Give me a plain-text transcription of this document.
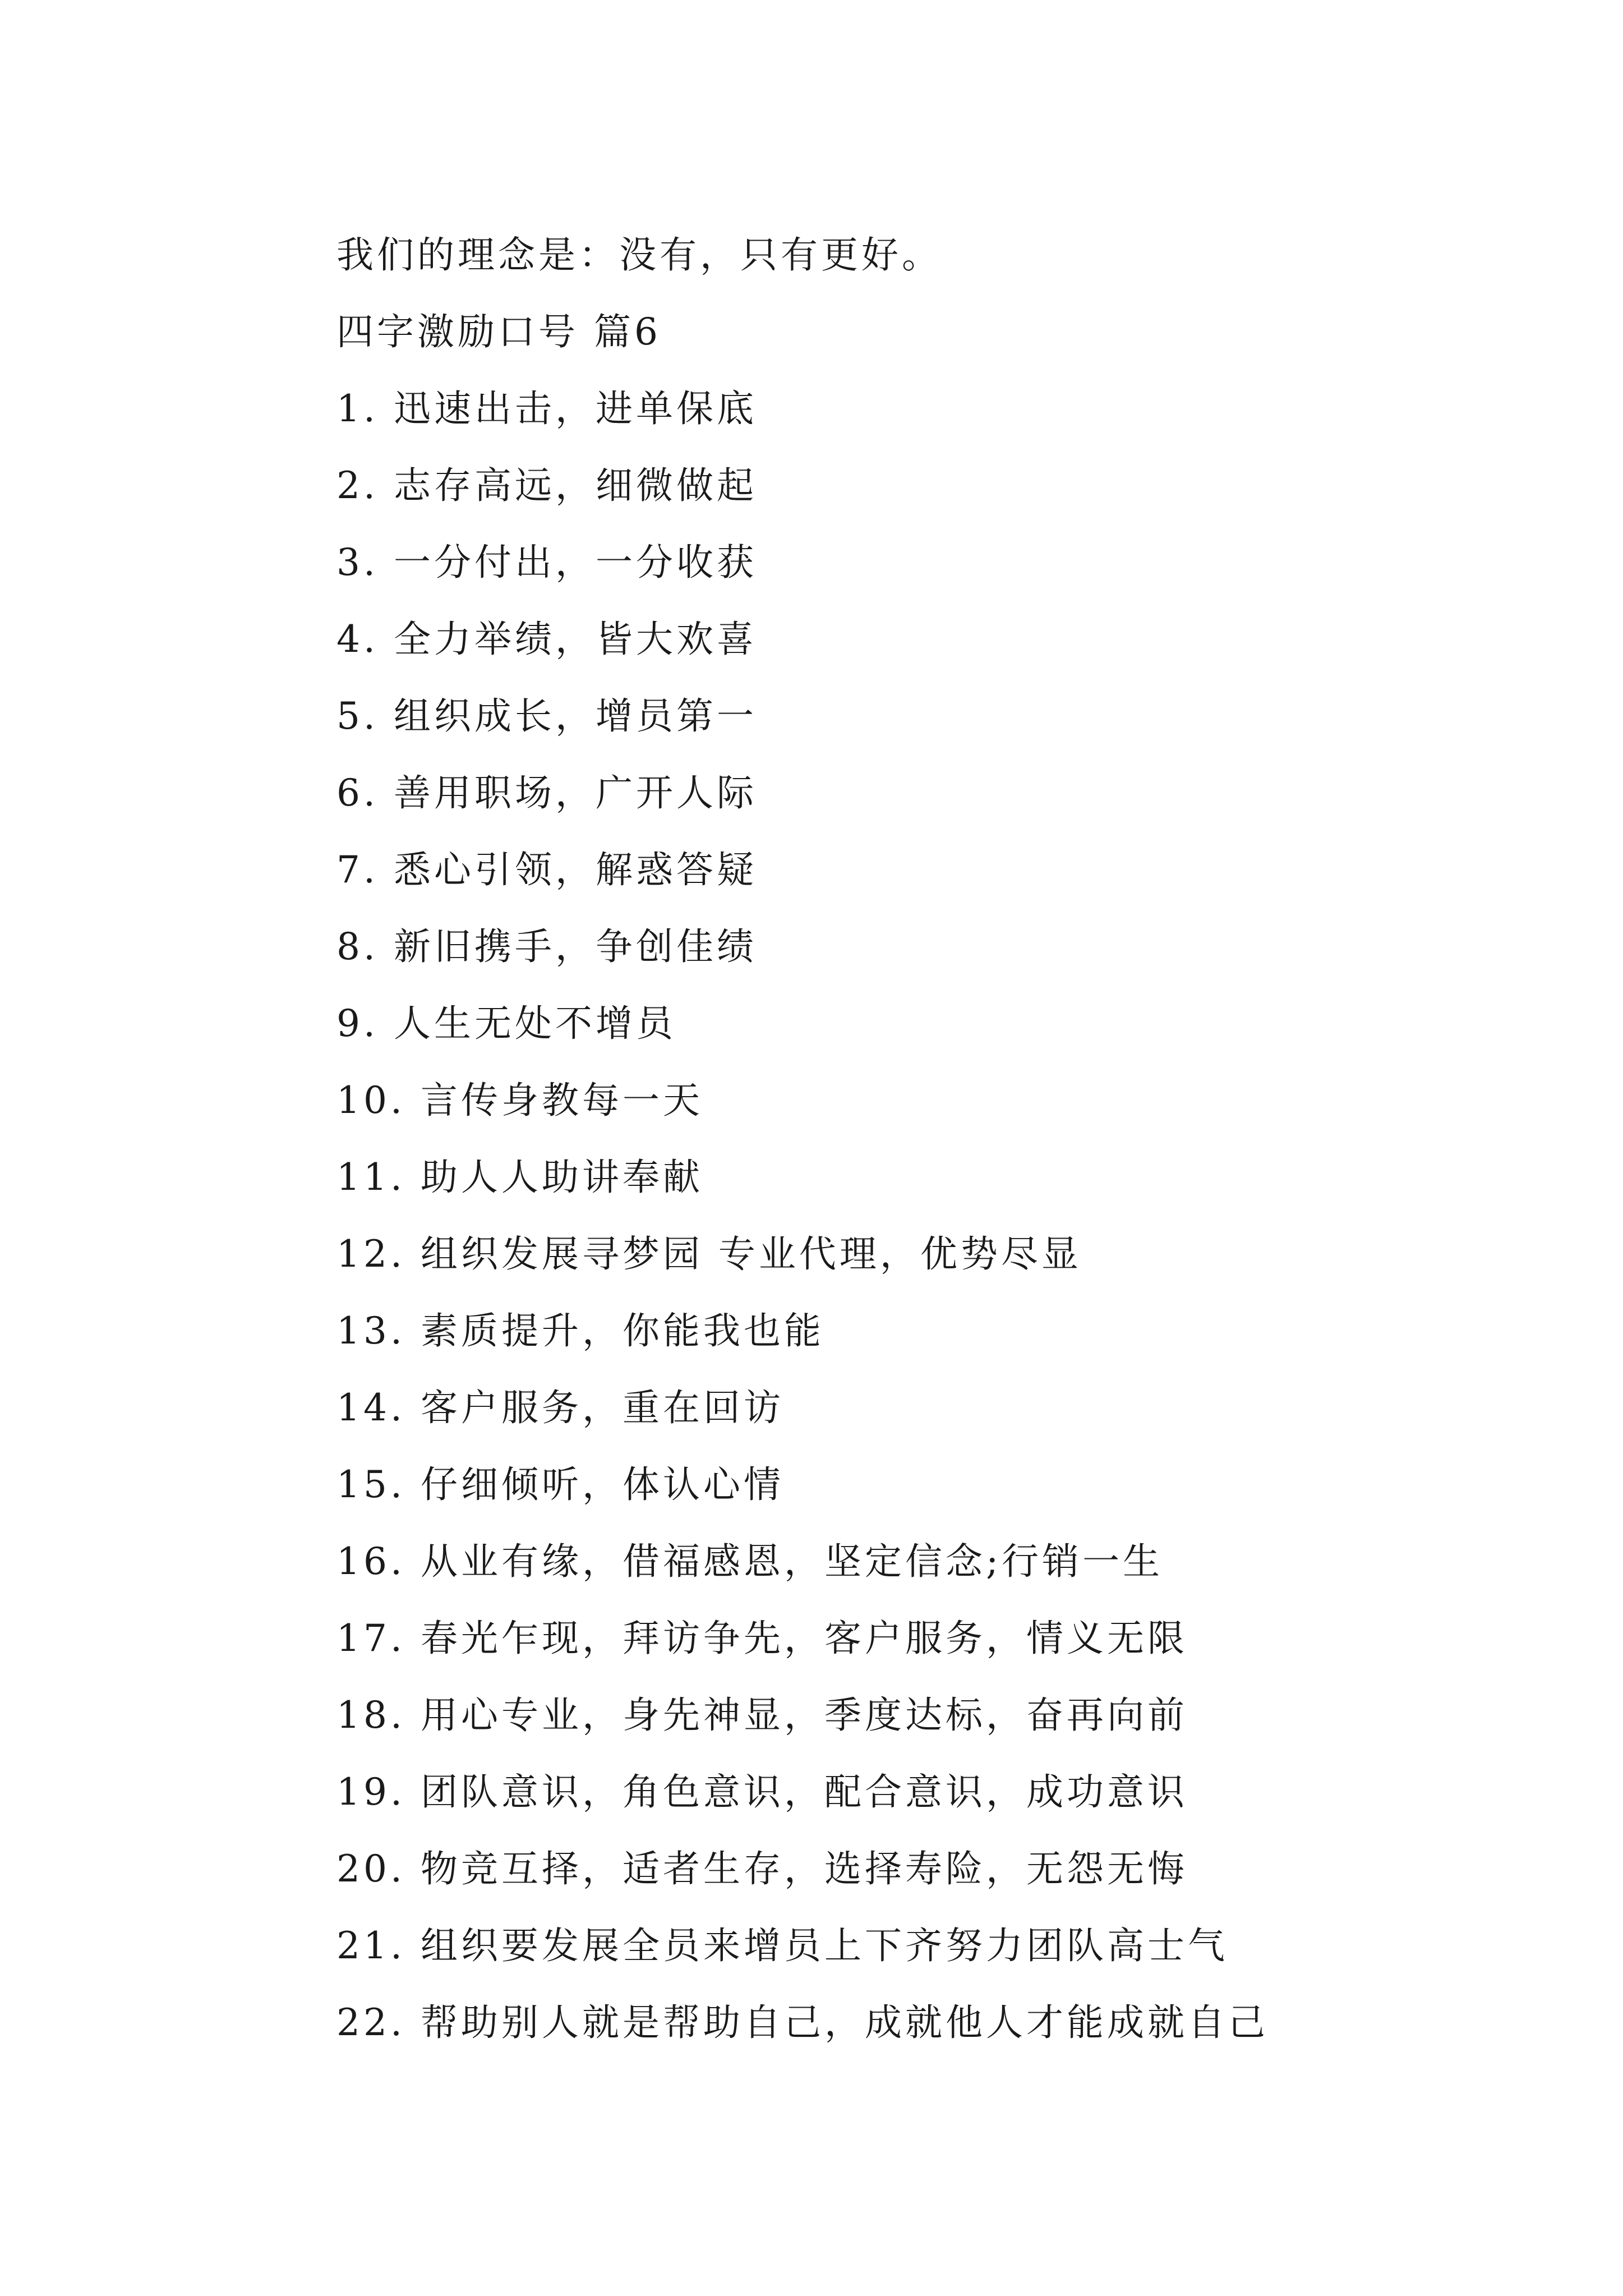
我们的理念是：没有，只有更好。
四字激励口号 篇6
1. 迅速出击，进单保底
2. 志存高远，细微做起
3. 一分付出，一分收获
4. 全力举绩，皆大欢喜
5. 组织成长，增员第一
6. 善用职场，广开人际
7. 悉心引领，解惑答疑
8. 新旧携手，争创佳绩
9. 人生无处不增员
10. 言传身教每一天
11. 助人人助讲奉献
12. 组织发展寻梦园 专业代理，优势尽显
13. 素质提升，你能我也能
14. 客户服务，重在回访
15. 仔细倾听，体认心情
16. 从业有缘，借福感恩，坚定信念;行销一生
17. 春光乍现，拜访争先，客户服务，情义无限
18. 用心专业，身先神显，季度达标，奋再向前
19. 团队意识，角色意识，配合意识，成功意识
20. 物竞互择，适者生存，选择寿险，无怨无悔
21. 组织要发展全员来增员上下齐努力团队高士气
22. 帮助别人就是帮助自己，成就他人才能成就自己
